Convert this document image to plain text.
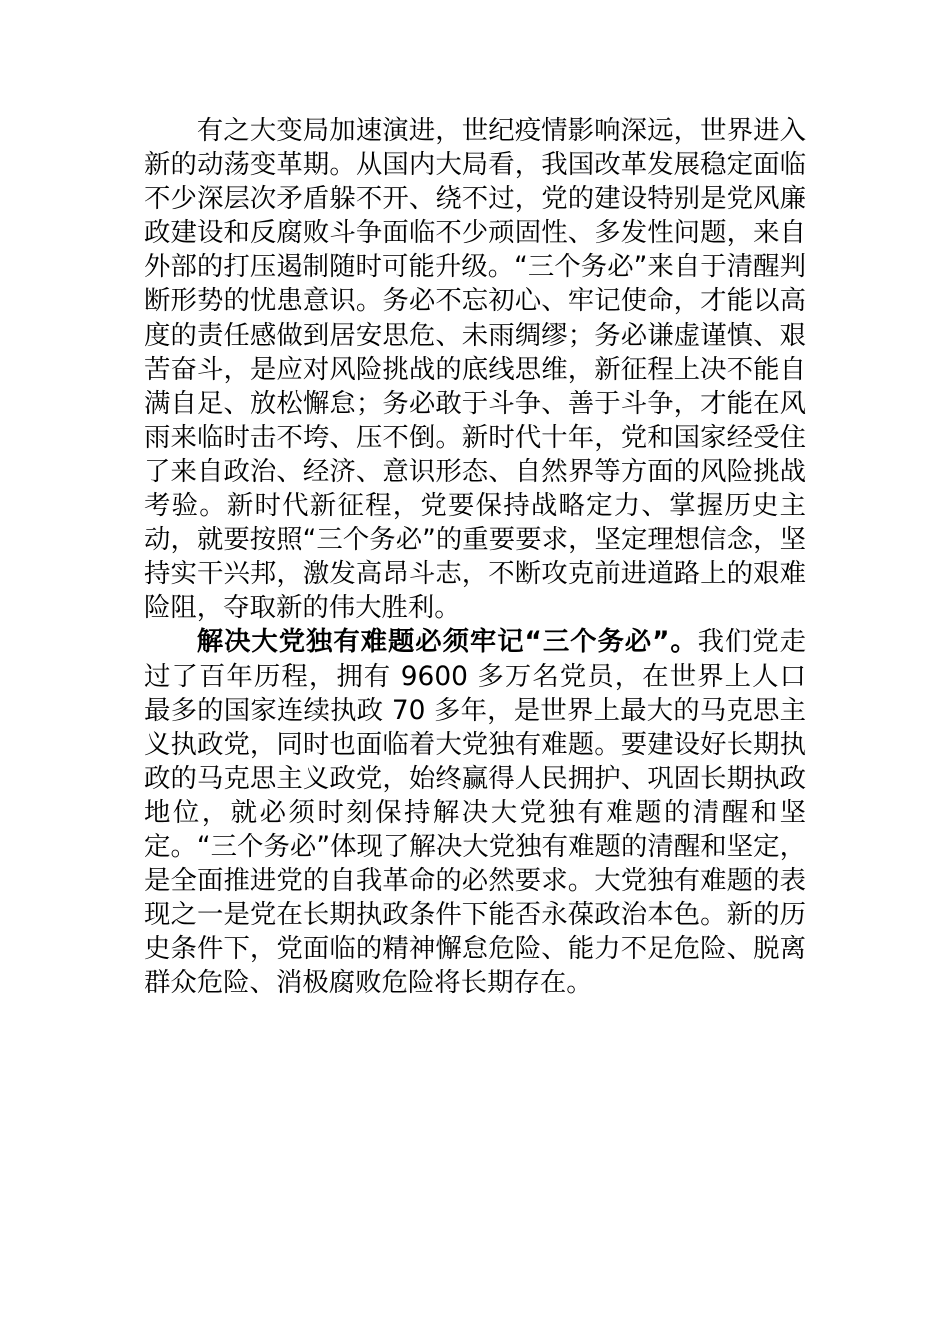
有之大变局加速演进，世纪疫情影响深远，世界进入新的动荡变革期。从国内大局看，我国改革发展稳定面临不少深层次矛盾躲不开、绕不过，党的建设特别是党风廉政建设和反腐败斗争面临不少顽固性、多发性问题，来自外部的打压遏制随时可能升级。“三个务必”来自于清醒判断形势的忧患意识。务必不忘初心、牢记使命，才能以高度的责任感做到居安思危、未雨绸缪；务必谦虚谨慎、艰苦奋斗，是应对风险挑战的底线思维，新征程上决不能自满自足、放松懈怠；务必敢于斗争、善于斗争，才能在风雨来临时击不垮、压不倒。新时代十年，党和国家经受住了来自政治、经济、意识形态、自然界等方面的风险挑战考验。新时代新征程，党要保持战略定力、掌握历史主动，就要按照“三个务必”的重要要求，坚定理想信念，坚持实干兴邦，激发高昂斗志，不断攻克前进道路上的艰难险阻，夺取新的伟大胜利。

解决大党独有难题必须牢记“三个务必”。我们党走过了百年历程，拥有 9600 多万名党员，在世界上人口最多的国家连续执政 70 多年，是世界上最大的马克思主义执政党，同时也面临着大党独有难题。要建设好长期执政的马克思主义政党，始终赢得人民拥护、巩固长期执政地位，就必须时刻保持解决大党独有难题的清醒和坚定。“三个务必”体现了解决大党独有难题的清醒和坚定，是全面推进党的自我革命的必然要求。大党独有难题的表现之一是党在长期执政条件下能否永葆政治本色。新的历史条件下，党面临的精神懈怠危险、能力不足危险、脱离群众危险、消极腐败危险将长期存在。
